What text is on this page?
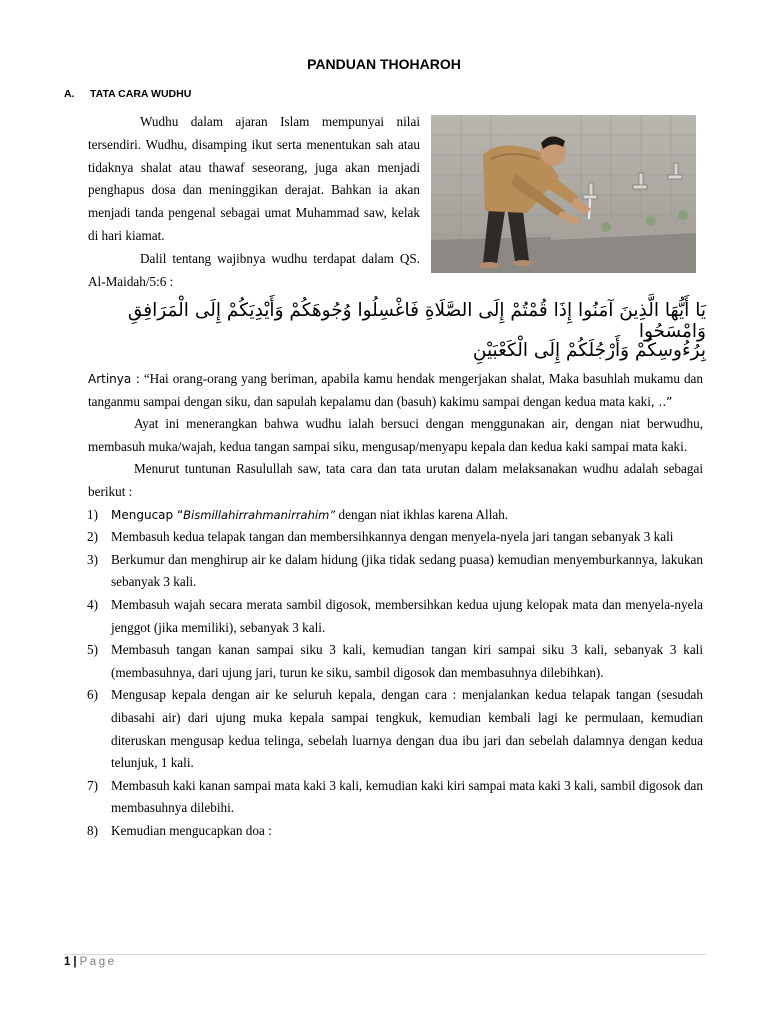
PANDUAN THOHAROH
A. TATA CARA WUDHU

Wudhu dalam ajaran Islam mempunyai nilai tersendiri. Wudhu, disamping ikut serta menentukan sah atau tidaknya shalat atau thawaf seseorang, juga akan menjadi penghapus dosa dan meninggikan derajat. Bahkan ia akan menjadi tanda pengenal sebagai umat Muhammad saw, kelak di hari kiamat.

Dalil tentang wajibnya wudhu terdapat dalam QS. Al-Maidah/5:6 :

يَا أَيُّهَا الَّذِينَ آمَنُوا إِذَا قُمْتُمْ إِلَى الصَّلَاةِ فَاغْسِلُوا وُجُوهَكُمْ وَأَيْدِيَكُمْ إِلَى الْمَرَافِقِ وَامْسَحُوا
بِرُءُوسِكُمْ وَأَرْجُلَكُمْ إِلَى الْكَعْبَيْنِ

Artinya : “Hai orang-orang yang beriman, apabila kamu hendak mengerjakan shalat, Maka basuhlah mukamu dan tanganmu sampai dengan siku, dan sapulah kepalamu dan (basuh) kakimu sampai dengan kedua mata kaki, ..”

Ayat ini menerangkan bahwa wudhu ialah bersuci dengan menggunakan air, dengan niat berwudhu, membasuh muka/wajah, kedua tangan sampai siku, mengusap/menyapu kepala dan kedua kaki sampai mata kaki.

Menurut tuntunan Rasulullah saw, tata cara dan tata urutan dalam melaksanakan wudhu adalah sebagai berikut :

1) Mengucap “Bismillahirrahmanirrahim” dengan niat ikhlas karena Allah.
2) Membasuh kedua telapak tangan dan membersihkannya dengan menyela-nyela jari tangan sebanyak 3 kali
3) Berkumur dan menghirup air ke dalam hidung (jika tidak sedang puasa) kemudian menyemburkannya, lakukan sebanyak 3 kali.
4) Membasuh wajah secara merata sambil digosok, membersihkan kedua ujung kelopak mata dan menyela-nyela jenggot (jika memiliki), sebanyak 3 kali.
5) Membasuh tangan kanan sampai siku 3 kali, kemudian tangan kiri sampai siku 3 kali, sebanyak 3 kali (membasuhnya, dari ujung jari, turun ke siku, sambil digosok dan membasuhnya dilebihkan).
6) Mengusap kepala dengan air ke seluruh kepala, dengan cara : menjalankan kedua telapak tangan (sesudah dibasahi air) dari ujung muka kepala sampai tengkuk, kemudian kembali lagi ke permulaan, kemudian diteruskan mengusap kedua telinga, sebelah luarnya dengan dua ibu jari dan sebelah dalamnya dengan kedua telunjuk, 1 kali.
7) Membasuh kaki kanan sampai mata kaki 3 kali, kemudian kaki kiri sampai mata kaki 3 kali, sambil digosok dan membasuhnya dilebihi.
8) Kemudian mengucapkan doa :
1 | Page
